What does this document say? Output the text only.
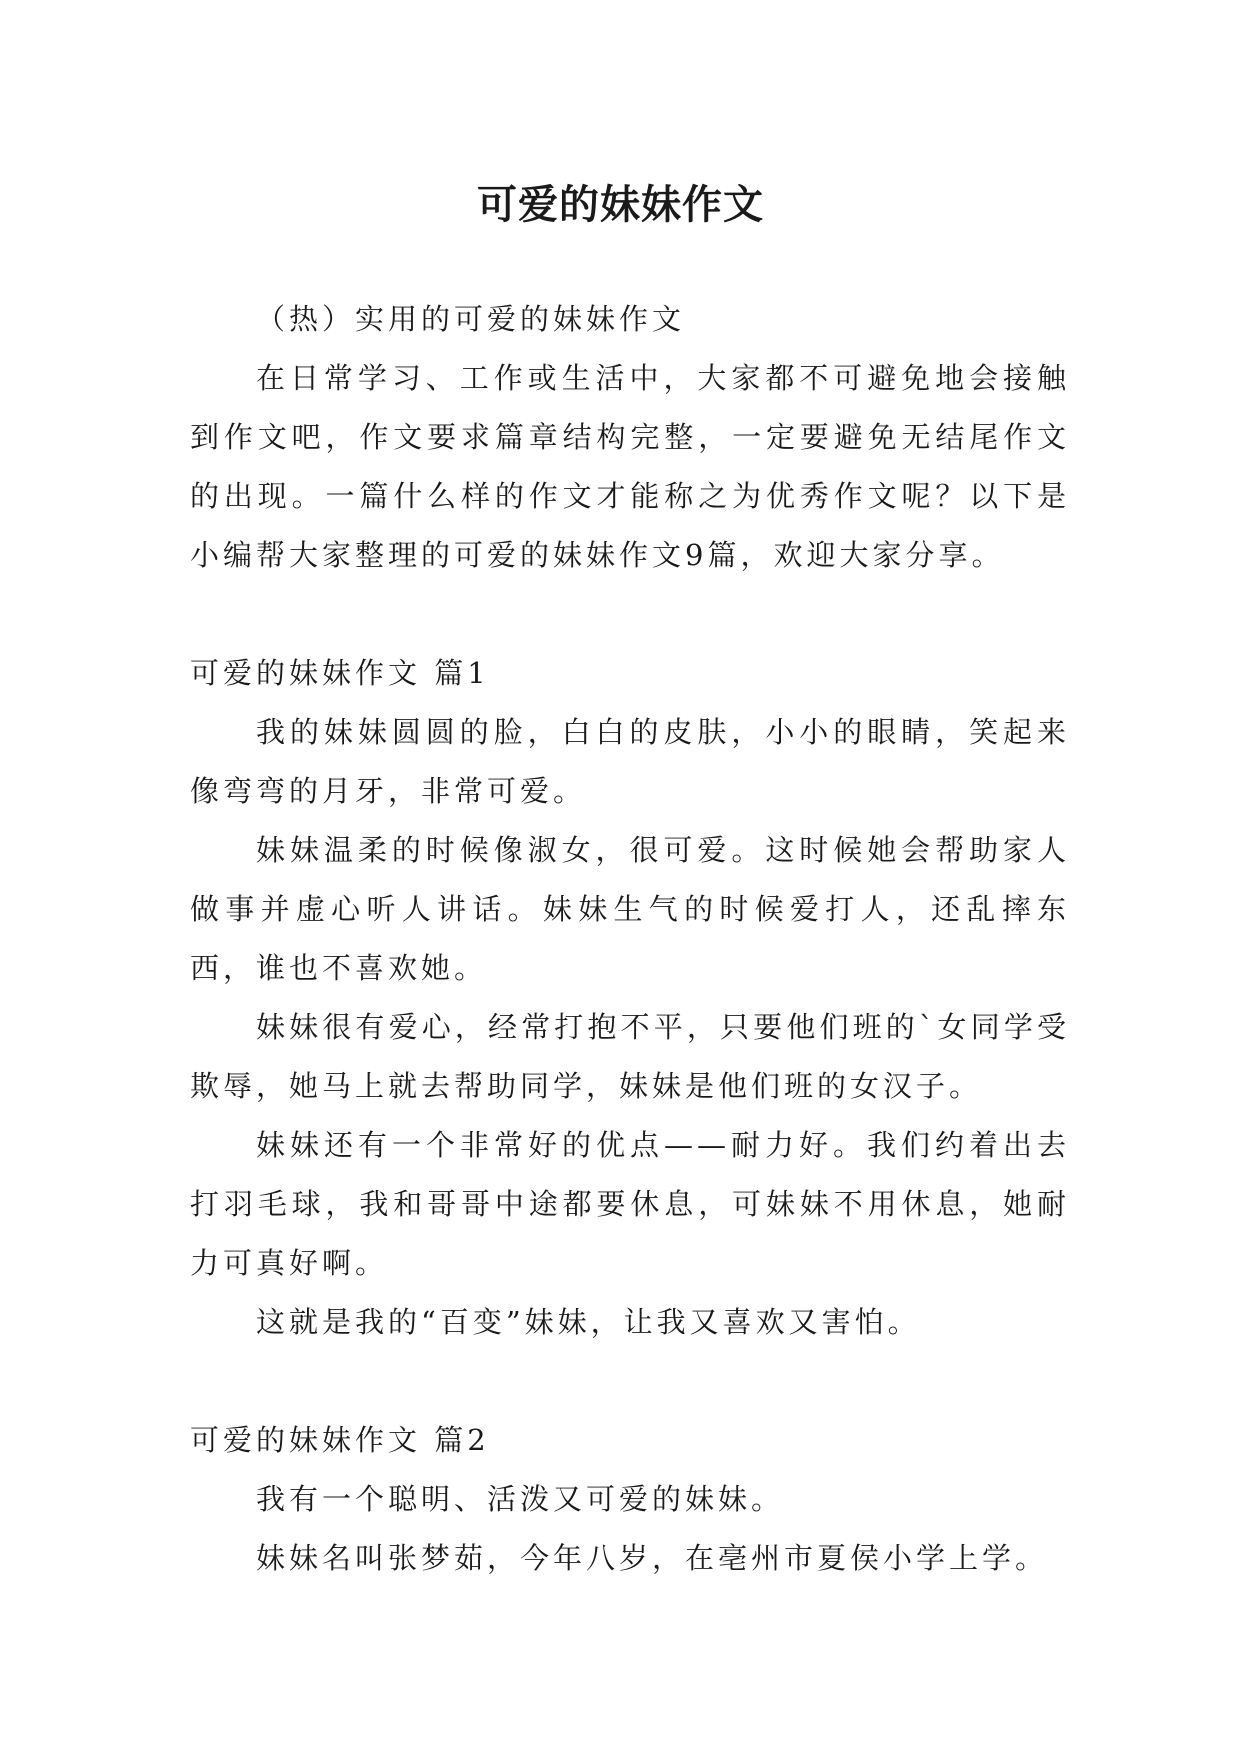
可爱的妹妹作文

（热）实用的可爱的妹妹作文

在日常学习、工作或生活中，大家都不可避免地会接触到作文吧，作文要求篇章结构完整，一定要避免无结尾作文的出现。一篇什么样的作文才能称之为优秀作文呢？以下是小编帮大家整理的可爱的妹妹作文9篇，欢迎大家分享。

可爱的妹妹作文 篇1

我的妹妹圆圆的脸，白白的皮肤，小小的眼睛，笑起来像弯弯的月牙，非常可爱。

妹妹温柔的时候像淑女，很可爱。这时候她会帮助家人做事并虚心听人讲话。妹妹生气的时候爱打人，还乱摔东西，谁也不喜欢她。

妹妹很有爱心，经常打抱不平，只要他们班的`女同学受欺辱，她马上就去帮助同学，妹妹是他们班的女汉子。

妹妹还有一个非常好的优点——耐力好。我们约着出去打羽毛球，我和哥哥中途都要休息，可妹妹不用休息，她耐力可真好啊。

这就是我的“百变”妹妹，让我又喜欢又害怕。

可爱的妹妹作文 篇2

我有一个聪明、活泼又可爱的妹妹。

妹妹名叫张梦茹，今年八岁，在亳州市夏侯小学上学。
